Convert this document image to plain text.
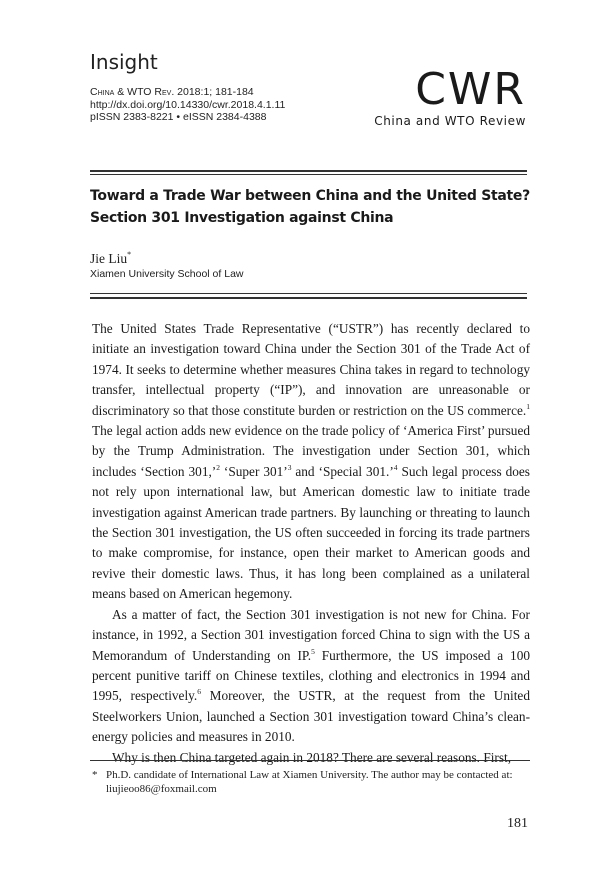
Insight
China & WTO Rev. 2018:1; 181-184
http://dx.doi.org/10.14330/cwr.2018.4.1.11
pISSN 2383-8221 • eISSN 2384-4388
CWR
China and WTO Review
Toward a Trade War between China and the United State?
Section 301 Investigation against China
Jie Liu*
Xiamen University School of Law

The United States Trade Representative (“USTR”) has recently declared to initiate an investigation toward China under the Section 301 of the Trade Act of 1974. It seeks to determine whether measures China takes in regard to technology transfer, intellectual property (“IP”), and innovation are unreasonable or discriminatory so that those constitute burden or restriction on the US commerce.$^1$ The legal action adds new evidence on the trade policy of ‘America First’ pursued by the Trump Administration. The investigation under Section 301, which includes ‘Section 301,’$^2$ ‘Super 301’$^3$ and ‘Special 301.’$^4$ Such legal process does not rely upon international law, but American domestic law to initiate trade investigation against American trade partners. By launching or threating to launch the Section 301 investigation, the US often succeeded in forcing its trade partners to make compromise, for instance, open their market to American goods and revive their domestic laws. Thus, it has long been complained as a unilateral means based on American hegemony.

As a matter of fact, the Section 301 investigation is not new for China. For instance, in 1992, a Section 301 investigation forced China to sign with the US a Memorandum of Understanding on IP.$^5$ Furthermore, the US imposed a 100 percent punitive tariff on Chinese textiles, clothing and electronics in 1994 and 1995, respectively.$^6$ Moreover, the USTR, at the request from the United Steelworkers Union, launched a Section 301 investigation toward China’s clean-energy policies and measures in 2010.

Why is then China targeted again in 2018? There are several reasons. First,

* Ph.D. candidate of International Law at Xiamen University. The author may be contacted at:
liujieoo86@foxmail.com
181
